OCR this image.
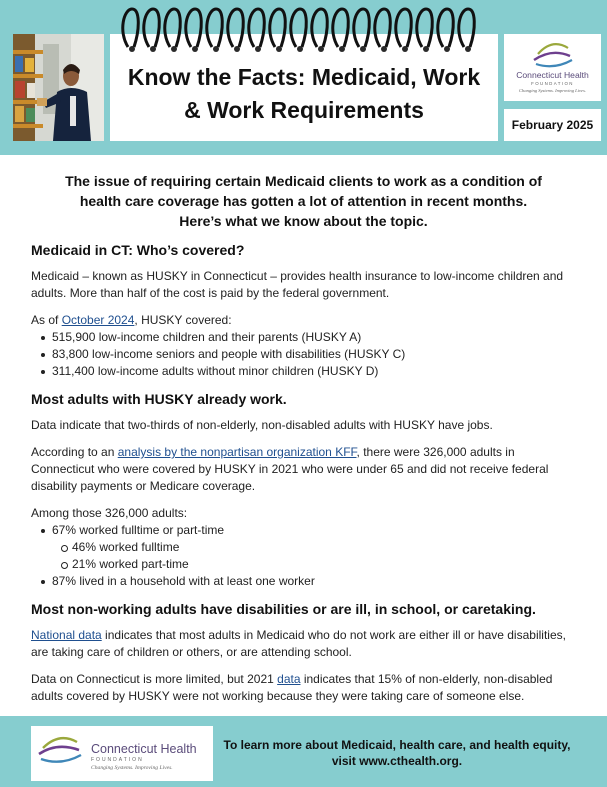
Know the Facts: Medicaid, Work
& Work Requirements
Connecticut Health
FOUNDATION
Changing Systems. Improving Lives.
February 2025
The issue of requiring certain Medicaid clients to work as a condition of
health care coverage has gotten a lot of attention in recent months.
Here’s what we know about the topic.
Medicaid in CT: Who’s covered?

Medicaid – known as HUSKY in Connecticut – provides health insurance to low-income children and adults. More than half of the cost is paid by the federal government.

As of October 2024, HUSKY covered:

515,900 low-income children and their parents (HUSKY A)
83,800 low-income seniors and people with disabilities (HUSKY C)
311,400 low-income adults without minor children (HUSKY D)
Most adults with HUSKY already work.

Data indicate that two-thirds of non-elderly, non-disabled adults with HUSKY have jobs.

According to an analysis by the nonpartisan organization KFF, there were 326,000 adults in Connecticut who were covered by HUSKY in 2021 who were under 65 and did not receive federal disability payments or Medicare coverage.

Among those 326,000 adults:

67% worked fulltime or part-time
46% worked fulltime
21% worked part-time
87% lived in a household with at least one worker
Most non-working adults have disabilities or are ill, in school, or caretaking.

National data indicates that most adults in Medicaid who do not work are either ill or have disabilities, are taking care of children or others, or are attending school.

Data on Connecticut is more limited, but 2021 data indicates that 15% of non-elderly, non-disabled adults covered by HUSKY were not working because they were taking care of someone else.

Connecticut Health
FOUNDATION
Changing Systems. Improving Lives.
To learn more about Medicaid, health care, and health equity,
visit www.cthealth.org.
